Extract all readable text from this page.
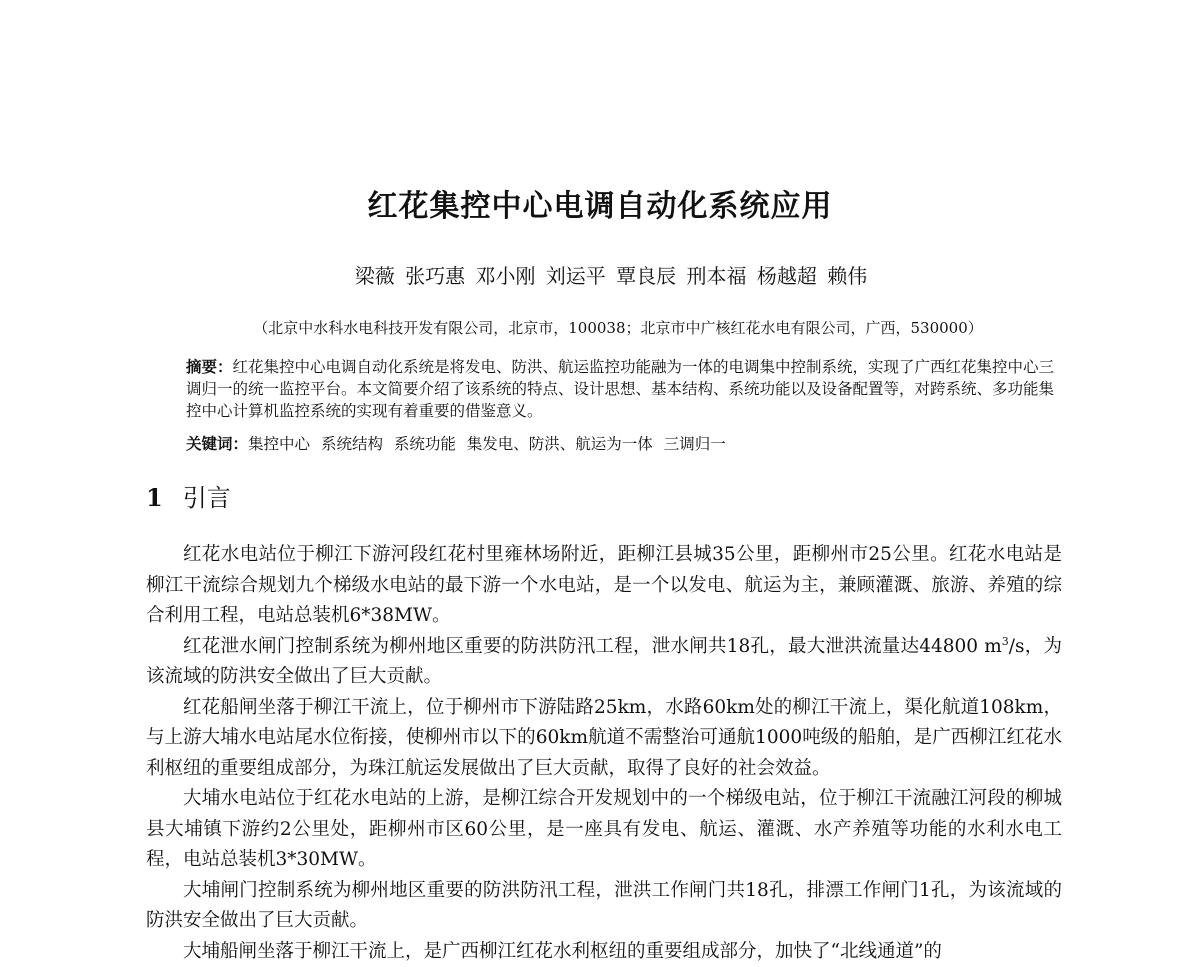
红花集控中心电调自动化系统应用
梁薇 张巧惠 邓小刚 刘运平 覃良辰 刑本福 杨越超 赖伟
（北京中水科水电科技开发有限公司，北京市，100038；北京市中广核红花水电有限公司，广西，530000）
摘要：红花集控中心电调自动化系统是将发电、防洪、航运监控功能融为一体的电调集中控制系统，实现了广西红花集控中心三调归一的统一监控平台。本文简要介绍了该系统的特点、设计思想、基本结构、系统功能以及设备配置等，对跨系统、多功能集控中心计算机监控系统的实现有着重要的借鉴意义。
关键词：集控中心 系统结构 系统功能 集发电、防洪、航运为一体 三调归一
1 引言

红花水电站位于柳江下游河段红花村里雍林场附近，距柳江县城35公里，距柳州市25公里。红花水电站是柳江干流综合规划九个梯级水电站的最下游一个水电站，是一个以发电、航运为主，兼顾灌溉、旅游、养殖的综合利用工程，电站总装机6*38MW。

红花泄水闸门控制系统为柳州地区重要的防洪防汛工程，泄水闸共18孔，最大泄洪流量达44800 $m^3/s$，为该流域的防洪安全做出了巨大贡献。

红花船闸坐落于柳江干流上，位于柳州市下游陆路25km，水路60km处的柳江干流上，渠化航道108km，与上游大埔水电站尾水位衔接，使柳州市以下的60km航道不需整治可通航1000吨级的船舶，是广西柳江红花水利枢纽的重要组成部分，为珠江航运发展做出了巨大贡献，取得了良好的社会效益。

大埔水电站位于红花水电站的上游，是柳江综合开发规划中的一个梯级电站，位于柳江干流融江河段的柳城县大埔镇下游约2公里处，距柳州市区60公里，是一座具有发电、航运、灌溉、水产养殖等功能的水利水电工程，电站总装机3*30MW。

大埔闸门控制系统为柳州地区重要的防洪防汛工程，泄洪工作闸门共18孔，排漂工作闸门1孔，为该流域的防洪安全做出了巨大贡献。

大埔船闸坐落于柳江干流上，是广西柳江红花水利枢纽的重要组成部分，加快了“北线通道”的
